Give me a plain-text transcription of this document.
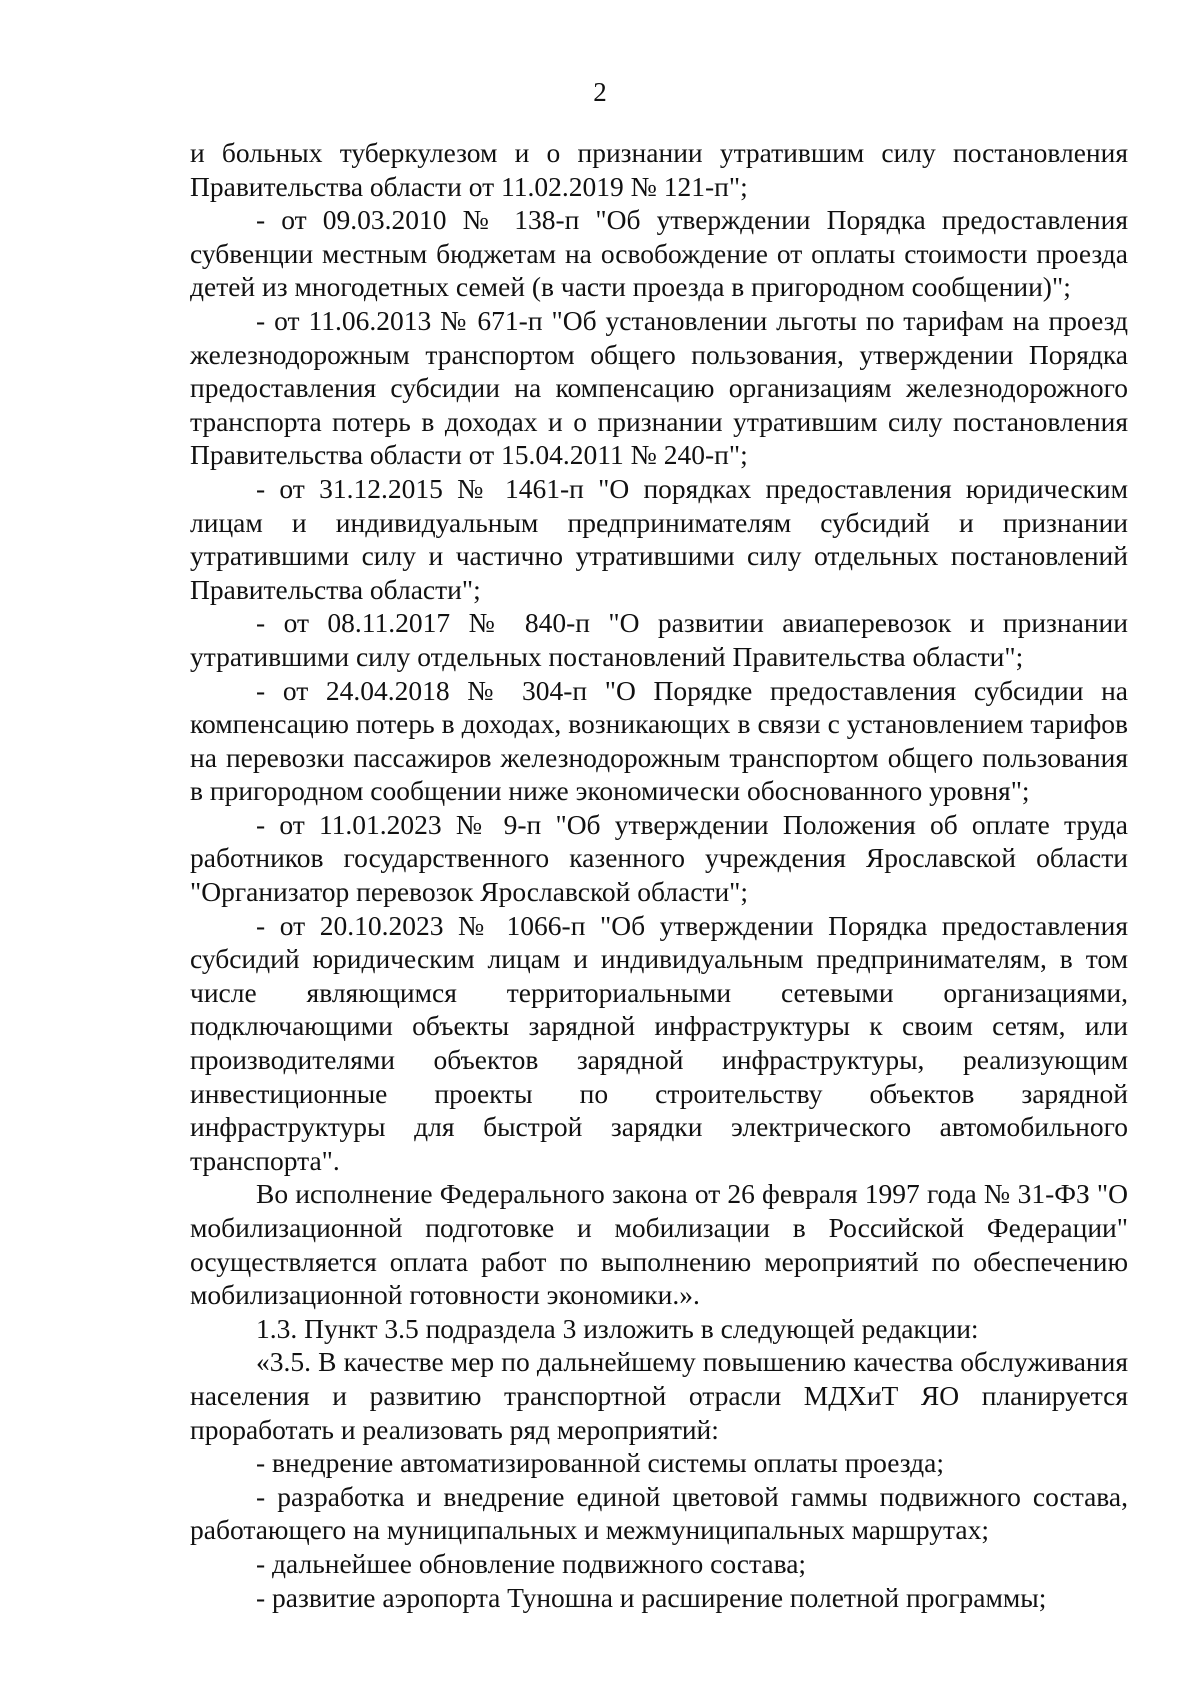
2

и больных туберкулезом и о признании утратившим силу постановления Правительства области от 11.02.2019 № 121-п";

- от 09.03.2010 № 138-п "Об утверждении Порядка предоставления субвенции местным бюджетам на освобождение от оплаты стоимости проезда детей из многодетных семей (в части проезда в пригородном сообщении)";

- от 11.06.2013 № 671-п "Об установлении льготы по тарифам на проезд железнодорожным транспортом общего пользования, утверждении Порядка предоставления субсидии на компенсацию организациям железнодорожного транспорта потерь в доходах и о признании утратившим силу постановления Правительства области от 15.04.2011 № 240-п";

- от 31.12.2015 № 1461-п "О порядках предоставления юридическим лицам и индивидуальным предпринимателям субсидий и признании утратившими силу и частично утратившими силу отдельных постановлений Правительства области";

- от 08.11.2017 № 840-п "О развитии авиаперевозок и признании утратившими силу отдельных постановлений Правительства области";

- от 24.04.2018 № 304-п "О Порядке предоставления субсидии на компенсацию потерь в доходах, возникающих в связи с установлением тарифов на перевозки пассажиров железнодорожным транспортом общего пользования в пригородном сообщении ниже экономически обоснованного уровня";

- от 11.01.2023 № 9-п "Об утверждении Положения об оплате труда работников государственного казенного учреждения Ярославской области "Организатор перевозок Ярославской области";

- от 20.10.2023 № 1066-п "Об утверждении Порядка предоставления субсидий юридическим лицам и индивидуальным предпринимателям, в том числе являющимся территориальными сетевыми организациями, подключающими объекты зарядной инфраструктуры к своим сетям, или производителями объектов зарядной инфраструктуры, реализующим инвестиционные проекты по строительству объектов зарядной инфраструктуры для быстрой зарядки электрического автомобильного транспорта".

Во исполнение Федерального закона от 26 февраля 1997 года № 31-ФЗ "О мобилизационной подготовке и мобилизации в Российской Федерации" осуществляется оплата работ по выполнению мероприятий по обеспечению мобилизационной готовности экономики.».

1.3. Пункт 3.5 подраздела 3 изложить в следующей редакции:

«3.5. В качестве мер по дальнейшему повышению качества обслуживания населения и развитию транспортной отрасли МДХиТ ЯО планируется проработать и реализовать ряд мероприятий:

- внедрение автоматизированной системы оплаты проезда;

- разработка и внедрение единой цветовой гаммы подвижного состава, работающего на муниципальных и межмуниципальных маршрутах;

- дальнейшее обновление подвижного состава;

- развитие аэропорта Туношна и расширение полетной программы;
